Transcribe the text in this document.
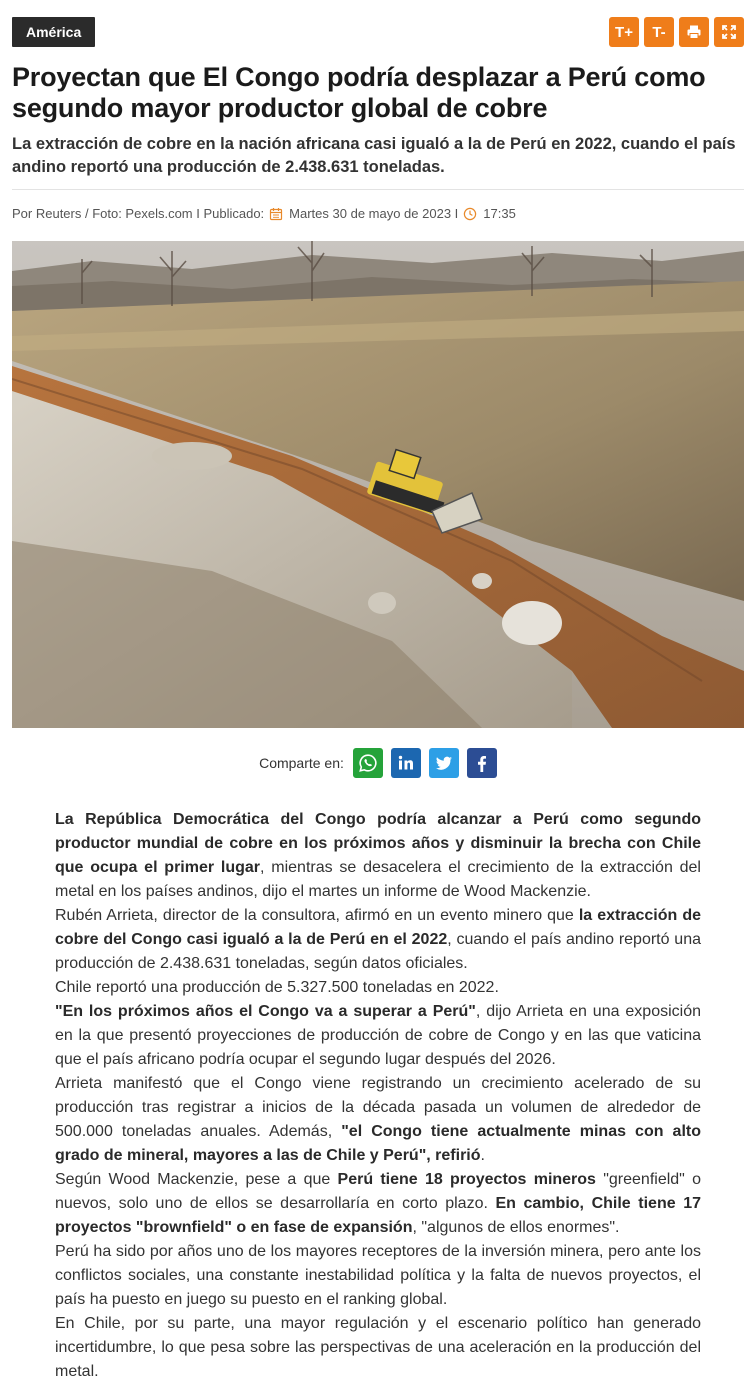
América	T+ T-
Proyectan que El Congo podría desplazar a Perú como segundo mayor productor global de cobre
La extracción de cobre en la nación africana casi igualó a la de Perú en 2022, cuando el país andino reportó una producción de 2.438.631 toneladas.
Por Reuters / Foto: Pexels.com I Publicado: Martes 30 de mayo de 2023 I 17:35
Comparte en:

La República Democrática del Congo podría alcanzar a Perú como segundo productor mundial de cobre en los próximos años y disminuir la brecha con Chile que ocupa el primer lugar, mientras se desacelera el crecimiento de la extracción del metal en los países andinos, dijo el martes un informe de Wood Mackenzie.

Rubén Arrieta, director de la consultora, afirmó en un evento minero que la extracción de cobre del Congo casi igualó a la de Perú en el 2022, cuando el país andino reportó una producción de 2.438.631 toneladas, según datos oficiales.

Chile reportó una producción de 5.327.500 toneladas en 2022.

"En los próximos años el Congo va a superar a Perú", dijo Arrieta en una exposición en la que presentó proyecciones de producción de cobre de Congo y en las que vaticina que el país africano podría ocupar el segundo lugar después del 2026.

Arrieta manifestó que el Congo viene registrando un crecimiento acelerado de su producción tras registrar a inicios de la década pasada un volumen de alrededor de 500.000 toneladas anuales. Además, "el Congo tiene actualmente minas con alto grado de mineral, mayores a las de Chile y Perú", refirió.

Según Wood Mackenzie, pese a que Perú tiene 18 proyectos mineros "greenfield" o nuevos, solo uno de ellos se desarrollaría en corto plazo. En cambio, Chile tiene 17 proyectos "brownfield" o en fase de expansión, "algunos de ellos enormes".

Perú ha sido por años uno de los mayores receptores de la inversión minera, pero ante los conflictos sociales, una constante inestabilidad política y la falta de nuevos proyectos, el país ha puesto en juego su puesto en el ranking global.

En Chile, por su parte, una mayor regulación y el escenario político han generado incertidumbre, lo que pesa sobre las perspectivas de una aceleración en la producción del metal.
